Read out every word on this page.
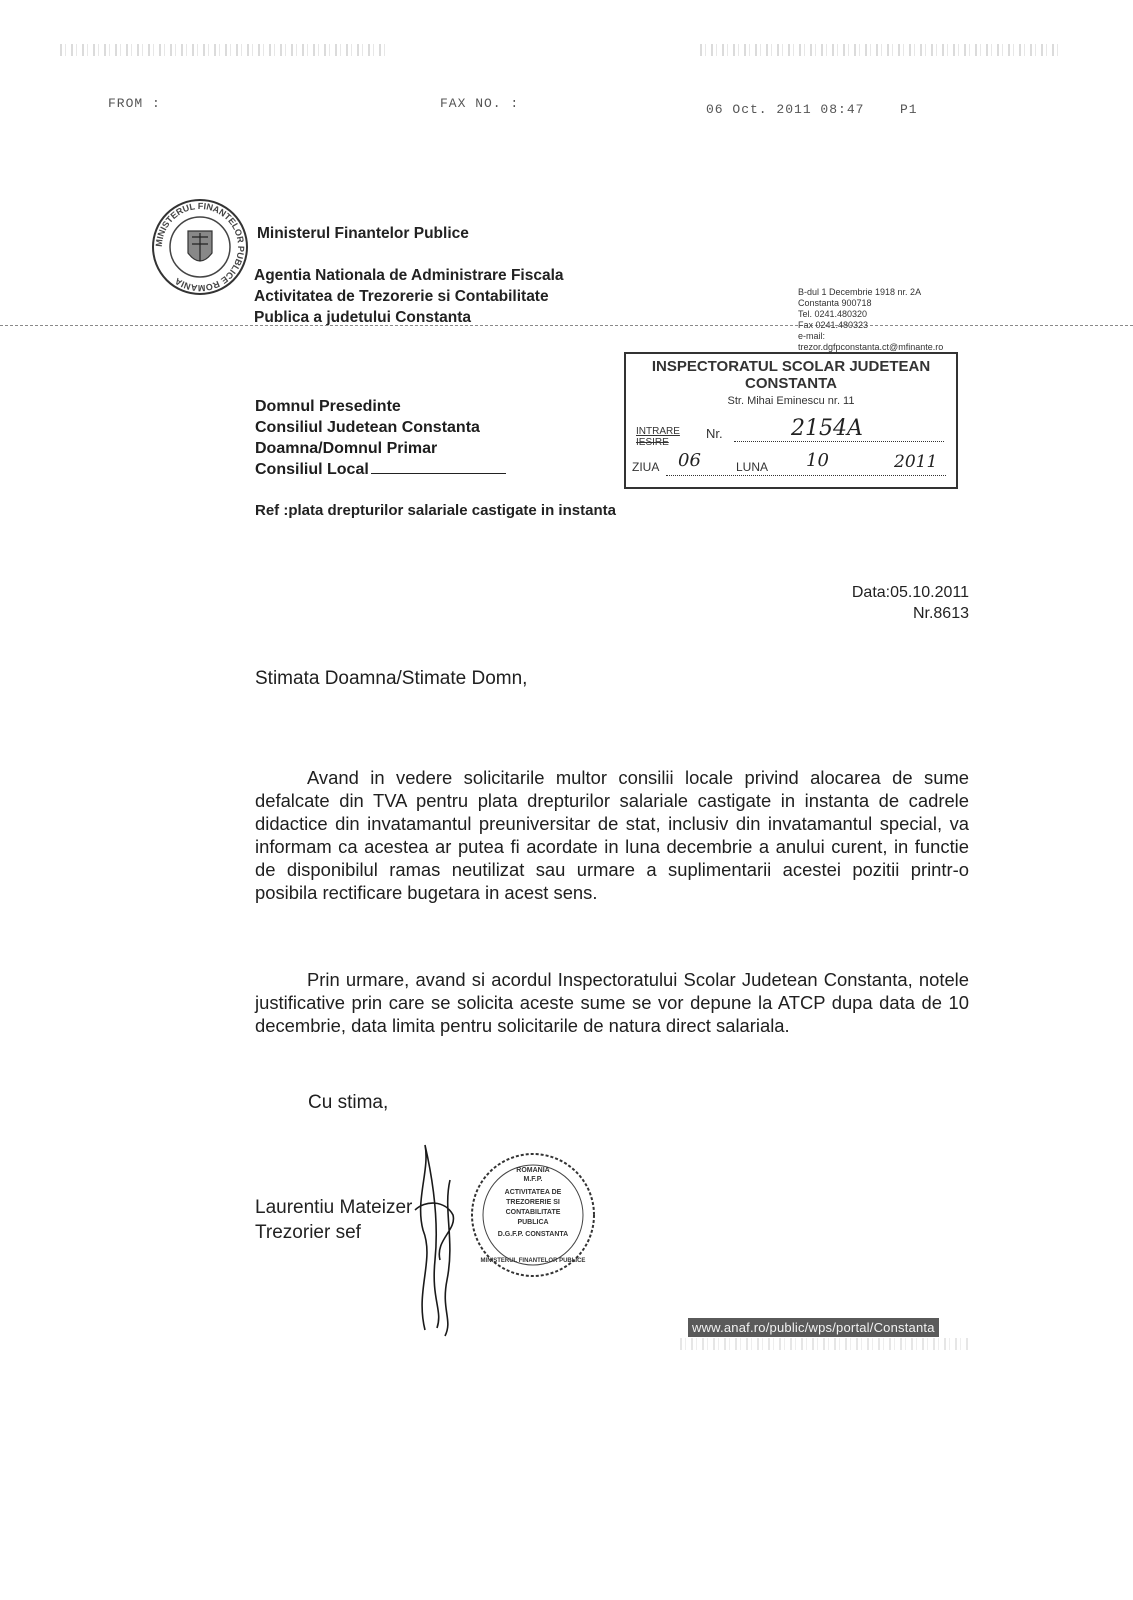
FROM :	FAX NO. :	06 Oct. 2011 08:47	P1
MINISTERUL FINANTELOR PUBLICE ROMANIA
Ministerul Finantelor Publice
Agentia Nationala de Administrare Fiscala
Activitatea de Trezorerie si Contabilitate
Publica a judetului Constanta
B-dul 1 Decembrie 1918 nr. 2A
Constanta 900718
Tel. 0241.480320
Fax 0241.480323
e-mail:
trezor.dgfpconstanta.ct@mfinante.ro
INSPECTORATUL SCOLAR JUDETEAN
CONSTANTA
Str. Mihai Eminescu nr. 11
INTRARE
IESIRE
Nr.	2154A
ZIUA 06	LUNA 10	2011
Domnul Presedinte
Consiliul Judetean Constanta
Doamna/Domnul Primar
Consiliul Local
Ref :plata drepturilor salariale castigate in instanta
Data:05.10.2011
Nr.8613
Stimata Doamna/Stimate Domn,
Avand in vedere solicitarile multor consilii locale privind alocarea de sume defalcate din TVA pentru plata drepturilor salariale castigate in instanta de cadrele didactice din invatamantul preuniversitar de stat, inclusiv din invatamantul special, va informam ca acestea ar putea fi acordate in luna decembrie a anului curent, in functie de disponibilul ramas neutilizat sau urmare a suplimentarii acestei pozitii printr-o posibila rectificare bugetara in acest sens.
Prin urmare, avand si acordul Inspectoratului Scolar Judetean Constanta, notele justificative prin care se solicita aceste sume se vor depune la ATCP dupa data de 10 decembrie, data limita pentru solicitarile de natura direct salariala.
Cu stima,
Laurentiu Mateizer
Trezorier sef
ROMANIA
M.F.P.
ACTIVITATEA DE
TREZORERIE SI
CONTABILITATE
PUBLICA
D.G.F.P. CONSTANTA
MINISTERUL FINANTELOR PUBLICE
www.anaf.ro/public/wps/portal/Constanta
